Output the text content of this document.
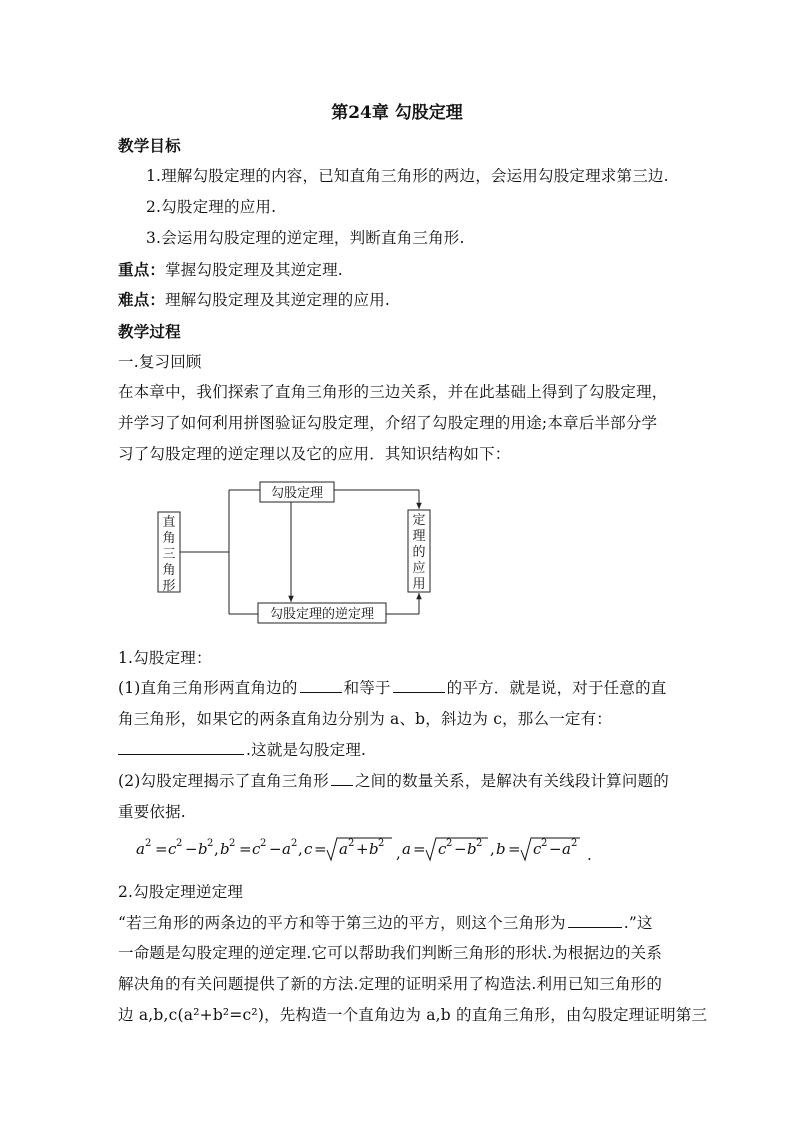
第24章 勾股定理
教学目标
1.理解勾股定理的内容，已知直角三角形的两边，会运用勾股定理求第三边.
2.勾股定理的应用.
3.会运用勾股定理的逆定理，判断直角三角形.
重点：掌握勾股定理及其逆定理.
难点：理解勾股定理及其逆定理的应用.
教学过程
一.复习回顾
在本章中，我们探索了直角三角形的三边关系，并在此基础上得到了勾股定理，
并学习了如何利用拼图验证勾股定理，介绍了勾股定理的用途;本章后半部分学
习了勾股定理的逆定理以及它的应用．其知识结构如下：
直
角
三
角
形
勾股定理
勾股定理的逆定理
定
理
的
应
用
1.勾股定理：
(1)直角三角形两直角边的	和等于	的平方．就是说，对于任意的直
角三角形，如果它的两条直角边分别为 a、b，斜边为 c，那么一定有：
.这就是勾股定理.
(2)勾股定理揭示了直角三角形 之间的数量关系，是解决有关线段计算问题的
重要依据.
a 2 = c 2 − b 2 , b 2 = c 2 − a 2 , c = a 2 + b 2
, a = c 2 − b 2 , b = c 2 − a 2
.
2.勾股定理逆定理
“若三角形的两条边的平方和等于第三边的平方，则这个三角形为	.”这
一命题是勾股定理的逆定理.它可以帮助我们判断三角形的形状.为根据边的关系
解决角的有关问题提供了新的方法.定理的证明采用了构造法.利用已知三角形的
边 a,b,c(a²+b²=c²)，先构造一个直角边为 a,b 的直角三角形，由勾股定理证明第三
